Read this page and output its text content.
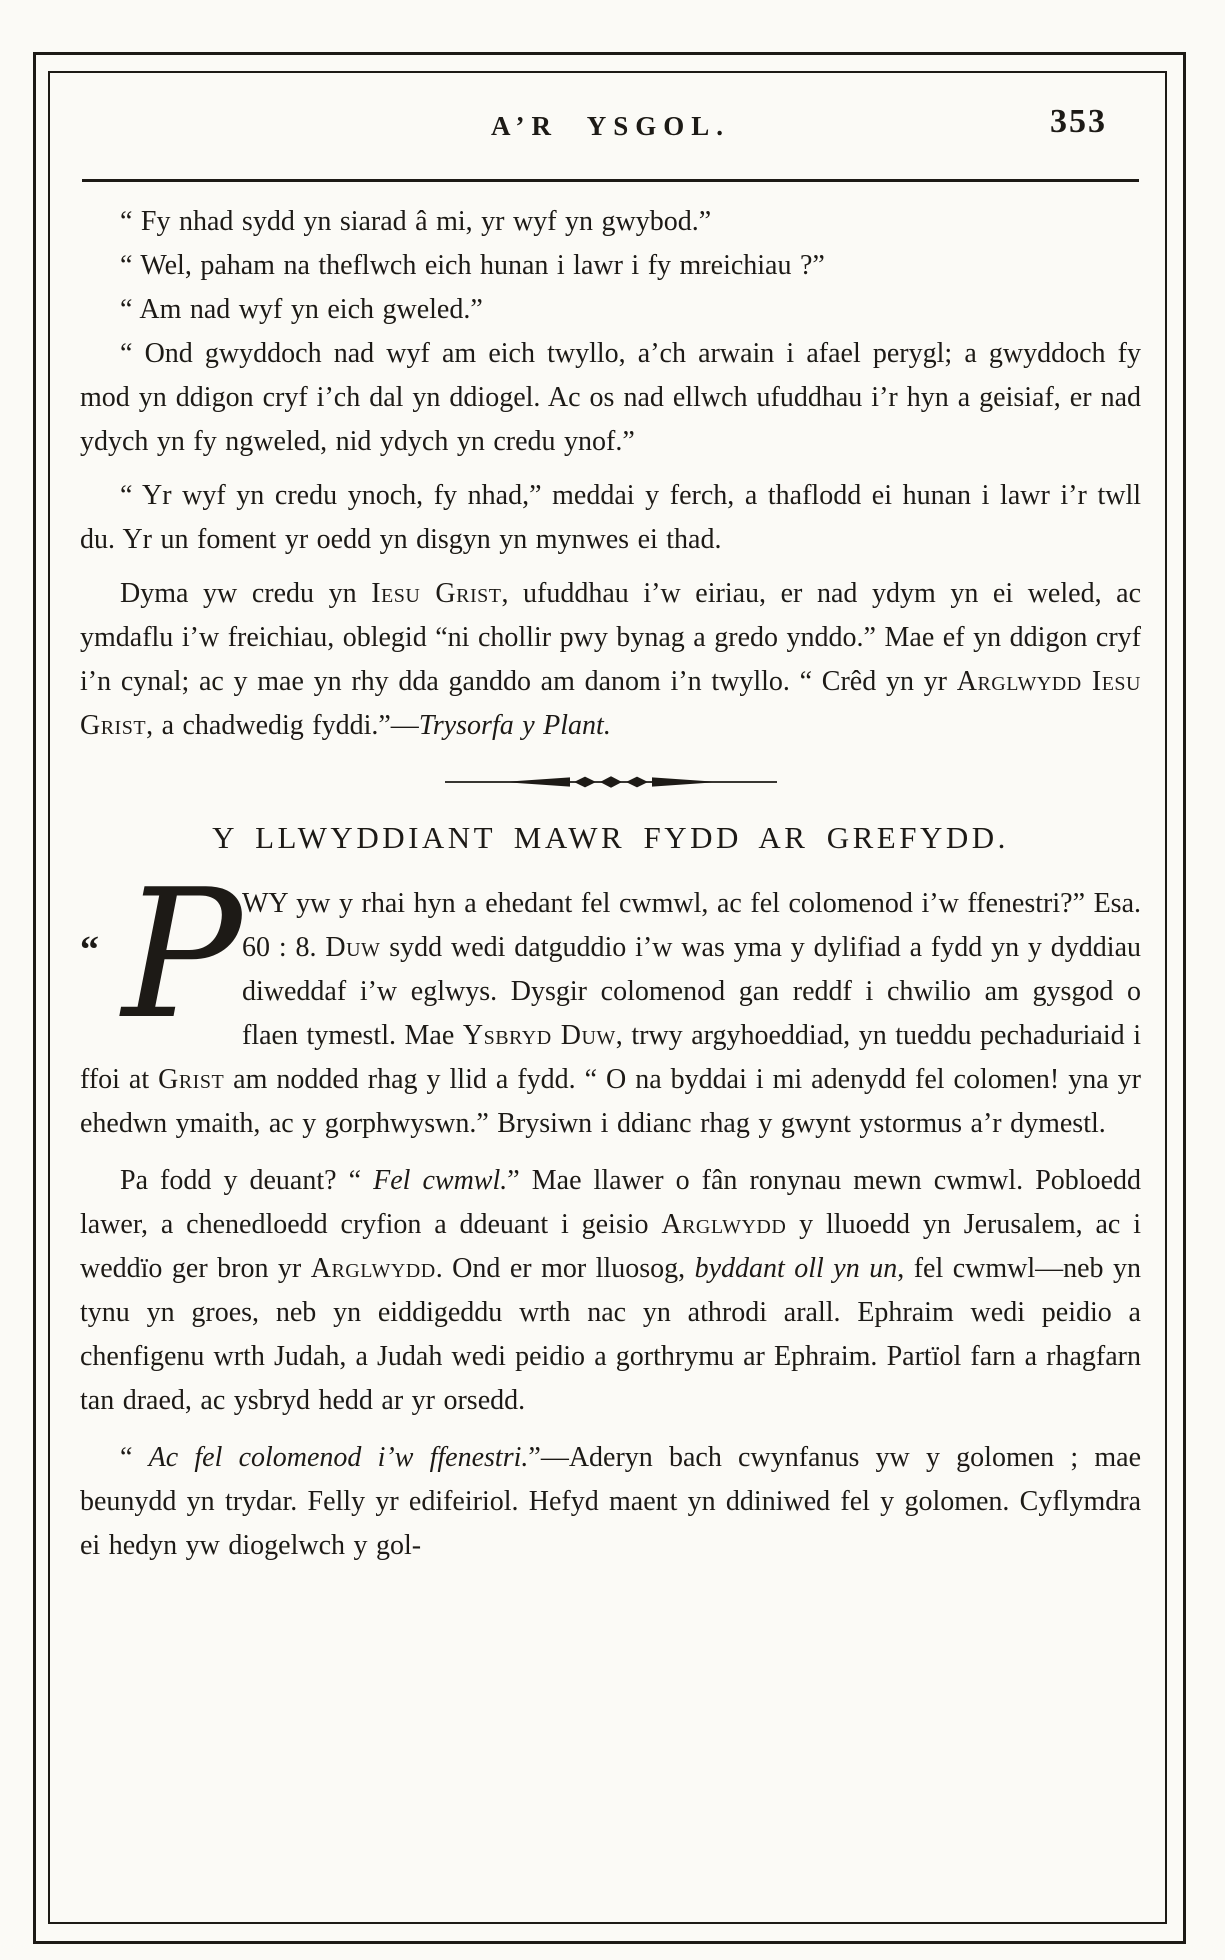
A’R YSGOL.	353

“ Fy nhad sydd yn siarad â mi, yr wyf yn gwybod.”

“ Wel, paham na theflwch eich hunan i lawr i fy mreichiau ?”

“ Am nad wyf yn eich gweled.”

“ Ond gwyddoch nad wyf am eich twyllo, a’ch arwain i afael perygl; a gwyddoch fy mod yn ddigon cryf i’ch dal yn ddiogel. Ac os nad ellwch ufuddhau i’r hyn a geisiaf, er nad ydych yn fy ngweled, nid ydych yn credu ynof.”

“ Yr wyf yn credu ynoch, fy nhad,” meddai y ferch, a thaflodd ei hunan i lawr i’r twll du. Yr un foment yr oedd yn disgyn yn mynwes ei thad.

Dyma yw credu yn Iesu Grist, ufuddhau i’w eiriau, er nad ydym yn ei weled, ac ymdaflu i’w freichiau, oblegid “ni chollir pwy bynag a gredo ynddo.” Mae ef yn ddigon cryf i’n cynal; ac y mae yn rhy dda ganddo am danom i’n twyllo. “ Crêd yn yr Arglwydd Iesu Grist, a chadwedig fyddi.”—Trysorfa y Plant.

Y LLWYDDIANT MAWR FYDD AR GREFYDD.
“ P WY yw y rhai hyn a ehedant fel cwmwl, ac fel colomenod i’w ffenestri?” Esa. 60 : 8. Duw sydd wedi datguddio i’w was yma y dylifiad a fydd yn y dyddiau diweddaf i’w eglwys. Dysgir colomenod gan reddf i chwilio am gysgod o flaen tymestl. Mae Ysbryd Duw, trwy argyhoeddiad, yn tueddu pechaduriaid i ffoi at Grist am nodded rhag y llid a fydd. “ O na byddai i mi adenydd fel colomen! yna yr ehedwn ymaith, ac y gorphwyswn.” Brysiwn i ddianc rhag y gwynt ystormus a’r dymestl.

Pa fodd y deuant? “ Fel cwmwl.” Mae llawer o fân ronynau mewn cwmwl. Pobloedd lawer, a chenedloedd cryfion a ddeuant i geisio Arglwydd y lluoedd yn Jerusalem, ac i weddïo ger bron yr Arglwydd. Ond er mor lluosog, byddant oll yn un, fel cwmwl—neb yn tynu yn groes, neb yn eiddigeddu wrth nac yn athrodi arall. Ephraim wedi peidio a chenfigenu wrth Judah, a Judah wedi peidio a gorthrymu ar Ephraim. Partïol farn a rhagfarn tan draed, ac ysbryd hedd ar yr orsedd.

“ Ac fel colomenod i’w ffenestri.”—Aderyn bach cwynfanus yw y golomen ; mae beunydd yn trydar. Felly yr edifeiriol. Hefyd maent yn ddiniwed fel y golomen. Cyflymdra ei hedyn yw diogelwch y gol-
